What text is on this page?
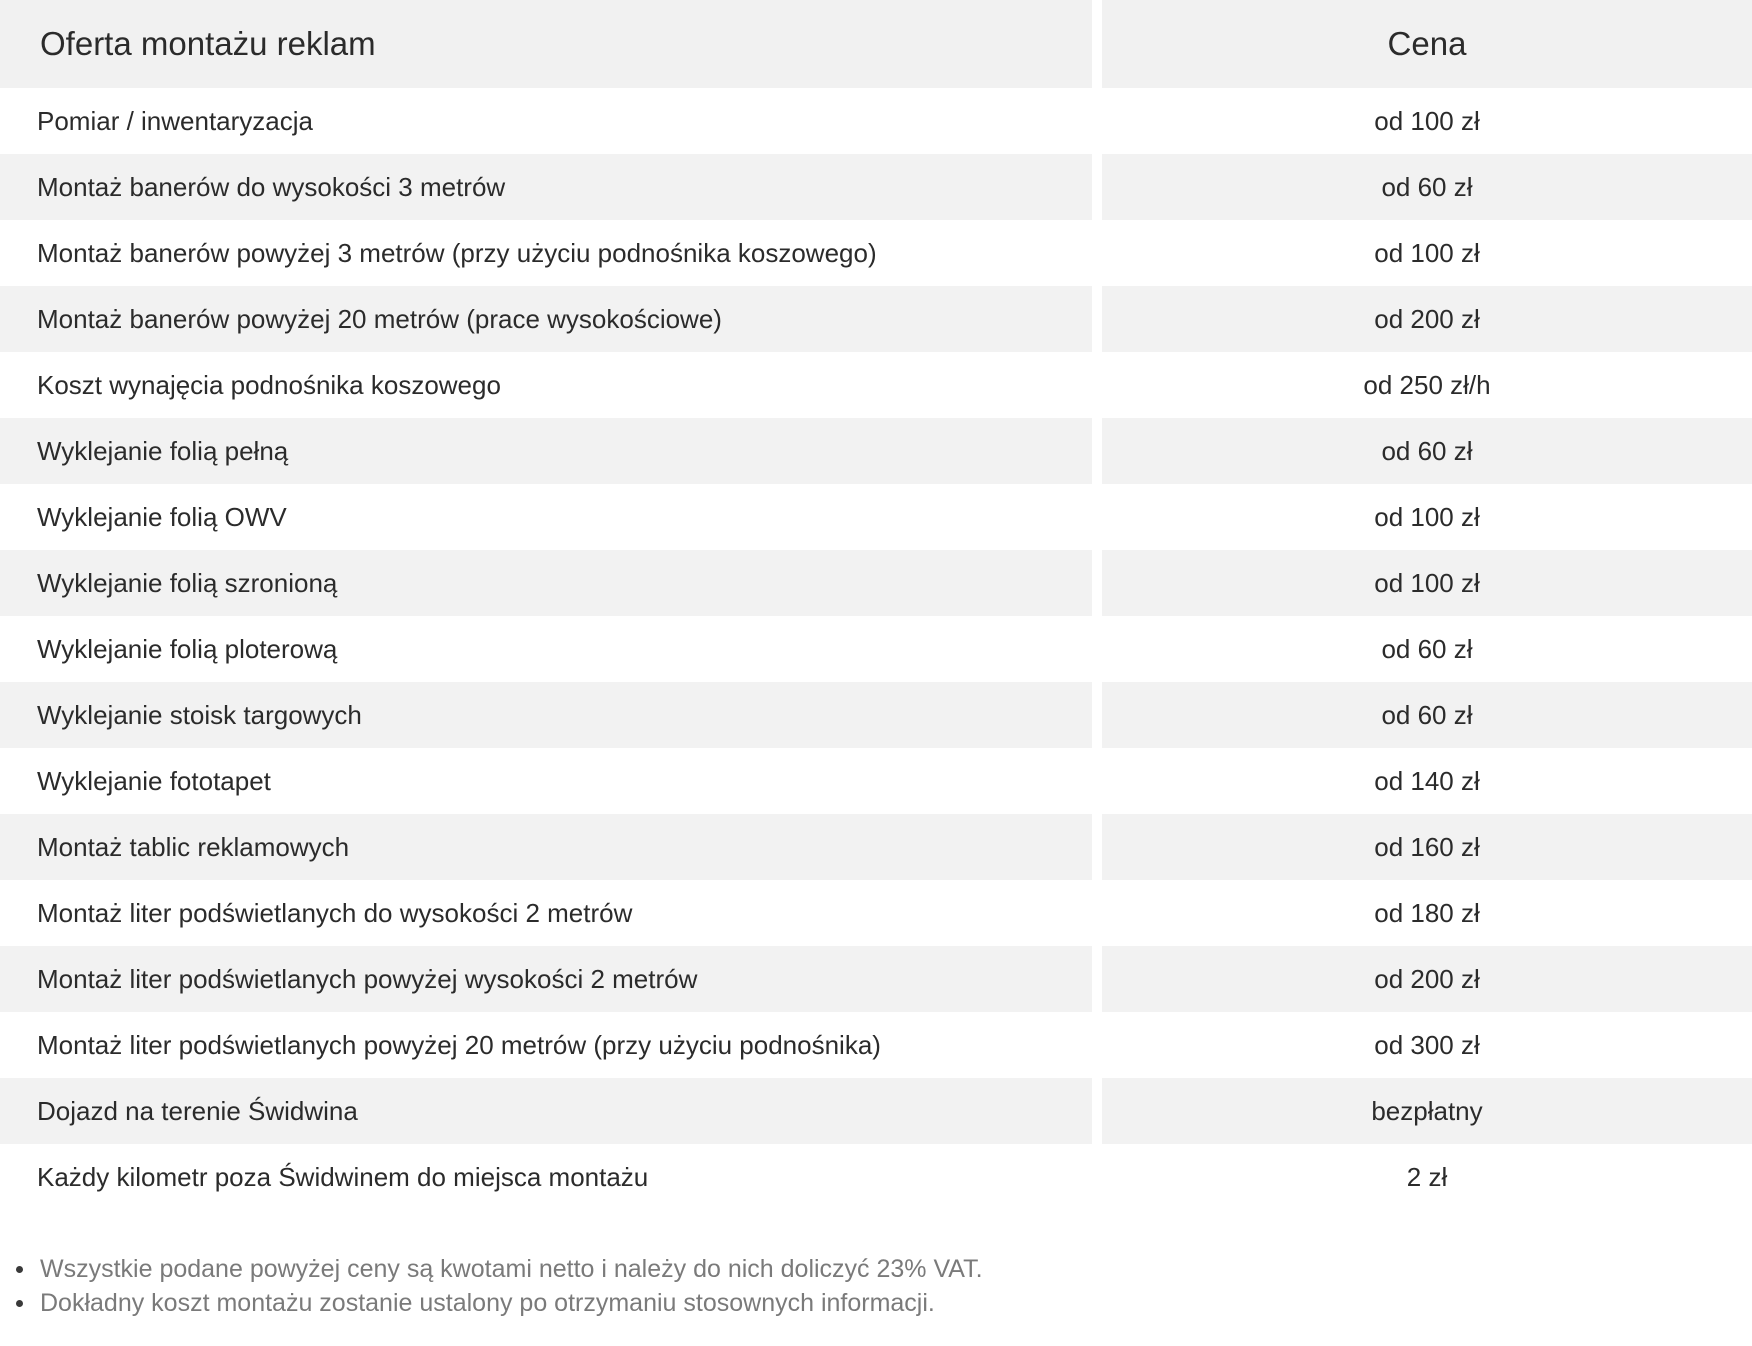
Oferta montażu reklam	Cena
Pomiar / inwentaryzacja	od 100 zł
Montaż banerów do wysokości 3 metrów	od 60 zł
Montaż banerów powyżej 3 metrów (przy użyciu podnośnika koszowego)	od 100 zł
Montaż banerów powyżej 20 metrów (prace wysokościowe)	od 200 zł
Koszt wynajęcia podnośnika koszowego	od 250 zł/h
Wyklejanie folią pełną	od 60 zł
Wyklejanie folią OWV	od 100 zł
Wyklejanie folią szronioną	od 100 zł
Wyklejanie folią ploterową	od 60 zł
Wyklejanie stoisk targowych	od 60 zł
Wyklejanie fototapet	od 140 zł
Montaż tablic reklamowych	od 160 zł
Montaż liter podświetlanych do wysokości 2 metrów	od 180 zł
Montaż liter podświetlanych powyżej wysokości 2 metrów	od 200 zł
Montaż liter podświetlanych powyżej 20 metrów (przy użyciu podnośnika)	od 300 zł
Dojazd na terenie Świdwina	bezpłatny
Każdy kilometr poza Świdwinem do miejsca montażu	2 zł
Wszystkie podane powyżej ceny są kwotami netto i należy do nich doliczyć 23% VAT.
Dokładny koszt montażu zostanie ustalony po otrzymaniu stosownych informacji.
